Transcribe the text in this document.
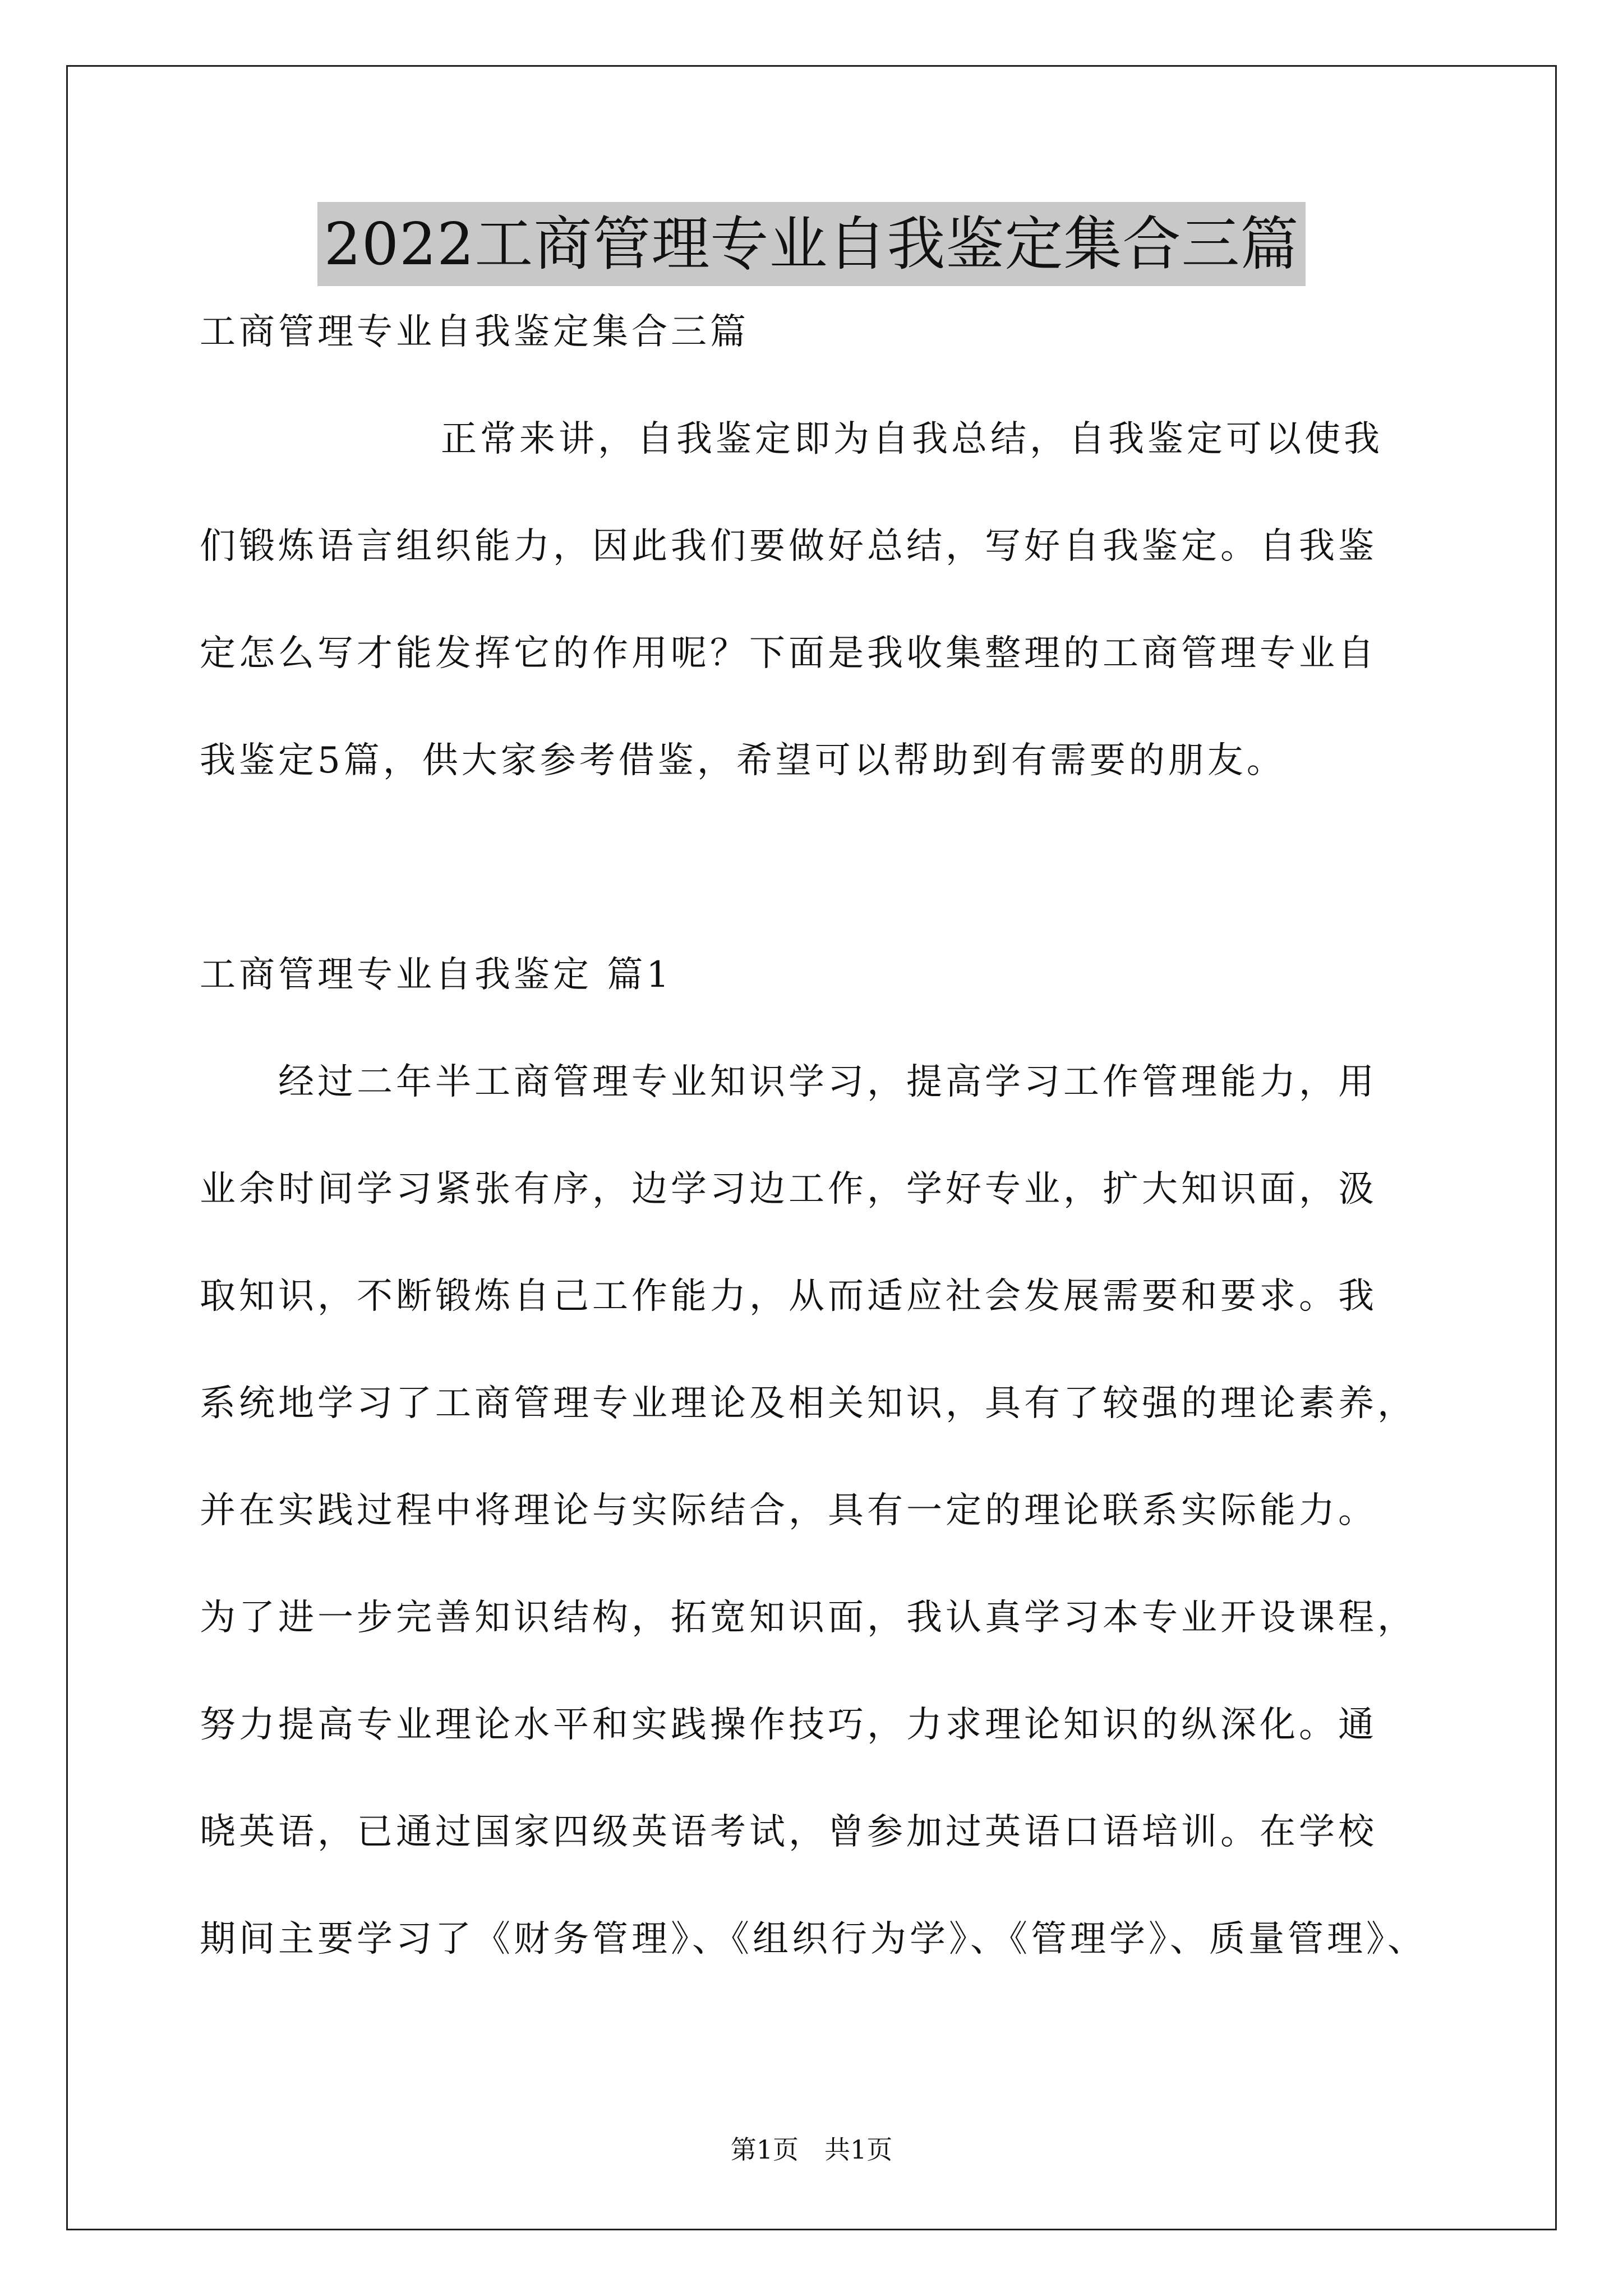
2022工商管理专业自我鉴定集合三篇
工商管理专业自我鉴定集合三篇
正常来讲，自我鉴定即为自我总结，自我鉴定可以使我
们锻炼语言组织能力，因此我们要做好总结，写好自我鉴定。自我鉴
定怎么写才能发挥它的作用呢？下面是我收集整理的工商管理专业自
我鉴定5篇，供大家参考借鉴，希望可以帮助到有需要的朋友。
工商管理专业自我鉴定 篇1
经过二年半工商管理专业知识学习，提高学习工作管理能力，用
业余时间学习紧张有序，边学习边工作，学好专业，扩大知识面，汲
取知识，不断锻炼自己工作能力，从而适应社会发展需要和要求。我
系统地学习了工商管理专业理论及相关知识，具有了较强的理论素养，
并在实践过程中将理论与实际结合，具有一定的理论联系实际能力。
为了进一步完善知识结构，拓宽知识面，我认真学习本专业开设课程，
努力提高专业理论水平和实践操作技巧，力求理论知识的纵深化。通
晓英语，已通过国家四级英语考试，曾参加过英语口语培训。在学校
期间主要学习了《财务管理》、《组织行为学》、《管理学》、质量管理》、
第1页　共1页
